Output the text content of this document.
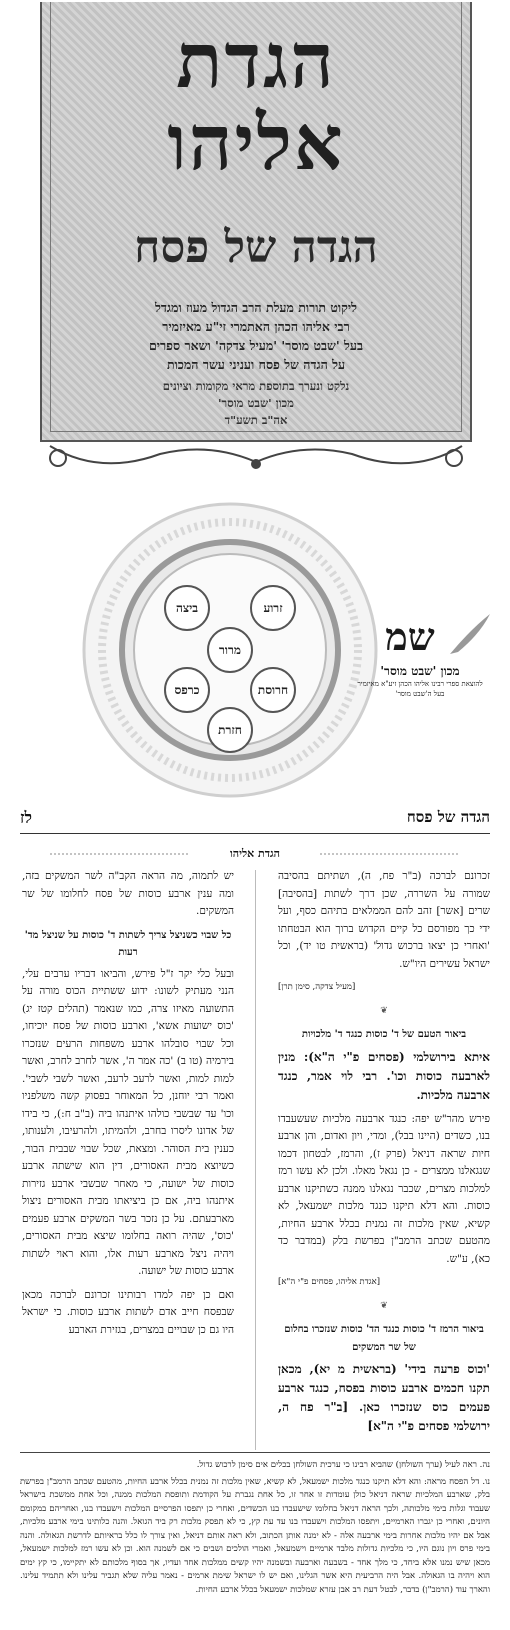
הגדת
אליהו
הגדה של פסח
ליקוט תורות מעלת הרב הגדול מעוז ומגדל
רבי אליהו הכהן האתמרי זי"ע מאיזמיר
בעל 'שבט מוסר' 'מעיל צדקה' ושאר ספרים
על הגדה של פסח ועניני עשר המכות
נלקט ונערך בתוספת מראי מקומות וציונים
מכון 'שבט מוסר'
אה"ב תשע"ד
מרור
זרוע
ביצה
חרוסת
כרפס
חזרת
שמ
מכון 'שבט מוסר'
להוצאת ספרי רבינו אליהו הכהן זיע"א מאיזמיר
בעל ה'שבט מוסר'
לז	הגדה של פסח
הגדת אליהו

זכרונם לברכה (ב"ר פח, ה), ושתיתם בהסיבה שמורה על השררה, שכן דרך לשתות [בהסיבה] שרים [אשר] זהב להם הממלאים בתיהם כסף, ועל ידי כך מפורסם כל קיים הקדוש ברוך הוא הבטחתו 'ואחרי כן יצאו ברכוש גדול' (בראשית טו יד), וכל ישראל עשירים היו"ש.

[מעיל צדקה, סימן תרן]
❦
ביאור הטעם של ד' כוסות כנגד ד' מלכויות

איתא בירושלמי (פסחים פ"י ה"א): מנין לארבעה כוסות וכו'. רבי לוי אמר, כנגד ארבעה מלכיות.

פירש מהר"ש יפה: כנגד ארבעה מלכיות שעשעבדו בנו, כשדים (היינו בבל), ומדי, ויון ואדום, והן ארבע חיות שראה דניאל (פרק ז), והרמז, לבטחון דכמו שנגאלנו ממצרים - כן נגאל מאלו. ולכן לא עשו רמז למלכות מצרים, שכבר נגאלנו ממנה כשתיקנו ארבע כוסות. והא דלא תיקנו כנגד מלכות ישמעאל, לא קשיא, שאין מלכות זה נמנית בכלל ארבע החיות, מהטעם שכתב הרמב"ן בפרשת בלק (במדבר כד כא), ע"ש.

[אגדת אליהו, פסחים פ"י ה"א]
❦
ביאור הרמז ד' כוסות כנגד הד' כוסות שנזכרו בחלום של שר המשקים

'וכוס פרעה בידי' (בראשית מ יא), מכאן תקנו חכמים ארבע כוסות בפסח, כנגד ארבע פעמים כוס שנזכרו כאן. [ב"ר פח ה, ירושלמי פסחים פ"י ה"א]

יש לתמוה, מה הראה הקב"ה לשר המשקים בזה, ומה ענין ארבע כוסות של פסח לחלומו של שר המשקים.

כל שבוי כשניצל צריך לשתות ד' כוסות על שניצל מד' רעות

ובעל כלי יקר ז"ל פירש, והביאו דבריו ערבים עלי, הנני מעתיק לשונו: ידוע ששתיית הכוס מורה על התשועה מאיזו צרה, כמו שנאמר (תהלים קטז יג) 'כוס ישועות אשא', וארבע כוסות של פסח יוכיחו, וכל שבוי סובלהו ארבע משפחות הרעים שנזכרו בירמיה (טו ב) 'כה אמר ה', אשר לחרב לחרב, ואשר למות למות, ואשר לרעב לרעב, ואשר לשבי לשבי'. ואמר רבי יוחנן, כל המאוחר בפסוק קשה משלפניו וכו' עד שבשבי כולהו איתנהו ביה (ב"ב ח:), כי בידו של אדונו ליסרו בחרב, ולהמיתו, ולהרעיבו, ולענותו, כענין בית הסוהר. ומצאת, שכל שבוי שבבית הבור, כשיוצא מבית האסורים, דין הוא שישתה ארבע כוסות של ישועה, כי מאחר שבשבי ארבע גזירות איתנהו ביה, אם כן ביציאתו מבית האסורים ניצול מארבעתם. על כן נזכר בשר המשקים ארבע פעמים 'כוס', שהיה רואה בחלומו שיצא מבית האסורים, ויהיה ניצל מארבע רעות אלו, והוא ראוי לשתות ארבע כוסות של ישועה.

ואם כן יפה למדו רבותינו זכרונם לברכה מכאן שבפסח חייב אדם לשתות ארבע כוסות. כי ישראל היו גם כן שבויים במצרים, בגזירת הארבע

נה. ראה לעיל (ערך השולחן) שהביא רבינו כי ערכית השולחן בכלים אים סימן לרכוש גדול.

נו. דל הפסח מראה: והא דלא תיקנו כנגד מלכות ישמעאל, לא קשיא, שאין מלכות זה נמנית בכלל ארבע החיות, מהטעם שכתב הרמב"ן בפרשת בלק, שארבע המלכיות שראה דניאל כולן עומדות זו אחר זו, כל אחת נגברת על הקודמת ותופסת המלכות ממנה, וכל אחת ממשכת בישראל שעבוד וגלות בימי מלכותה, ולכך הראה דניאל בחלומו שישעבדו בנו הכשדים, ואחרי כן יתפסו הפרסיים המלכות וישעבדו בנו, ואחריהם במקומם היונים, ואחרי כן יגברו הארמיים, ויתפסו המלכות וישעבדו בנו עד עת קץ, כי לא תפסק מלכות רק ביד הגואל. והנה כלותינו בימי ארבע מלכיות, אבל אם יהיו מלכות אחרות בימי ארבעה אלה - לא ימנה אותן הכתוב, ולא ראה אותם דניאל, ואין צורך לו כלל בראיותם לדרשת הגאולה. והנה בימי פרס ויון נוגם היו, כי מלכיות גדולות מלבד ארמיים וישמעאל, ואמרי הולכים ושבים כי אם לשמנה הוא. וכן לא עשו רמז למלכות ישמעאל, מכאן שיש נמנו אלא ביחד, כי מלך אחד - בשבעה וארבעה ובשמנה יהיו קשים ממלכות אחד ועדיו, אך בסוף מלכותם לא יתקיימו, כי קץ ימים הוא ויהיה בו הגאולה. אבל היה הרביעית היא אשר הגלינו, ואם יש לו ישראל שימת ארמים - נאמר עליה שלא תגביר עלינו ולא תתמיד עלינו. והארך עוד (הרמב"ן) בדבר, לבטל דעת רב אבן עזרא שמלכות ישמעאל בכלל ארבע החיות.
